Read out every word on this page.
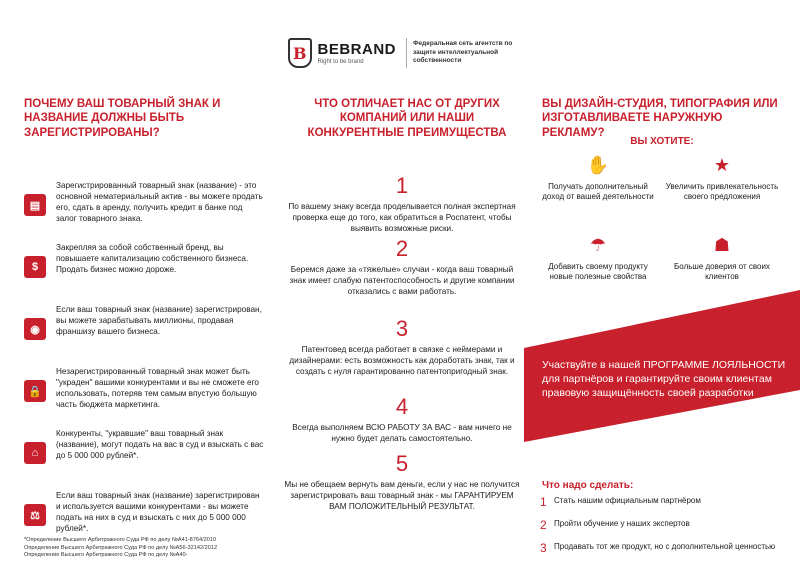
B BEBRAND
Right to be brand
Федеральная сеть агентств по защите интеллектуальной собственности
ПОЧЕМУ ВАШ ТОВАРНЫЙ ЗНАК И НАЗВАНИЕ ДОЛЖНЫ БЫТЬ ЗАРЕГИСТРИРОВАНЫ?
ЧТО ОТЛИЧАЕТ НАС ОТ ДРУГИХ КОМПАНИЙ ИЛИ НАШИ КОНКУРЕНТНЫЕ ПРЕИМУЩЕСТВА
ВЫ ДИЗАЙН-СТУДИЯ, ТИПОГРАФИЯ ИЛИ ИЗГОТАВЛИВАЕТЕ НАРУЖНУЮ РЕКЛАМУ?
▤
Зарегистрированный товарный знак (название) - это основной нематериальный актив - вы можете продать его, сдать в аренду, получить кредит в банке под залог товарного знака.
$
Закрепляя за собой собственный бренд, вы повышаете капитализацию собственного бизнеса. Продать бизнес можно дороже.
◉
Если ваш товарный знак (название) зарегистрирован, вы можете зарабатывать миллионы, продавая франшизу вашего бизнеса.
🔒
Незарегистрированный товарный знак может быть "украден" вашими конкурентами и вы не сможете его использовать, потеряв тем самым впустую большую часть бюджета маркетинга.
⌂
Конкуренты, "укравшие" ваш товарный знак (название), могут подать на вас в суд и взыскать с вас до 5 000 000 рублей*.
⚖
Если ваш товарный знак (название) зарегистрирован и используется вашими конкурентами - вы можете подать на них в суд и взыскать с них до 5 000 000 рублей*.
*Определение Высшего Арбитражного Суда РФ по делу №А41-8764/2010
Определение Высшего Арбитражного Суда РФ по делу №А56-32142/2012
Определение Высшего Арбитражного Суда РФ по делу №А40-
1
По вашему знаку всегда проделывается полная экспертная проверка еще до того, как обратиться в Роспатент, чтобы выявить возможные риски.
2
Беремся даже за «тяжелые» случаи - когда ваш товарный знак имеет слабую патентоспособность и другие компании отказались с вами работать.
3
Патентовед всегда работает в связке с неймерами и дизайнерами: есть возможность как доработать знак, так и создать с нуля гарантированно патентопригодный знак.
4
Всегда выполняем ВСЮ РАБОТУ ЗА ВАС - вам ничего не нужно будет делать самостоятельно.
5
Мы не обещаем вернуть вам деньги, если у нас не получится зарегистрировать ваш товарный знак - мы ГАРАНТИРУЕМ ВАМ ПОЛОЖИТЕЛЬНЫЙ РЕЗУЛЬТАТ.
ВЫ ХОТИТЕ:
✋
Получать дополнительный доход от вашей деятельности
★
Увеличить привлекательность своего предложения
☂
Добавить своему продукту новые полезные свойства
☗
Больше доверия от своих клиентов
Участвуйте в нашей ПРОГРАММЕ ЛОЯЛЬНОСТИ для партнёров и гарантируйте своим клиентам правовую защищённость своей разработки
Что надо сделать:
1 Стать нашим официальным партнёром
2 Пройти обучение у наших экспертов
3 Продавать тот же продукт, но с дополнительной ценностью
